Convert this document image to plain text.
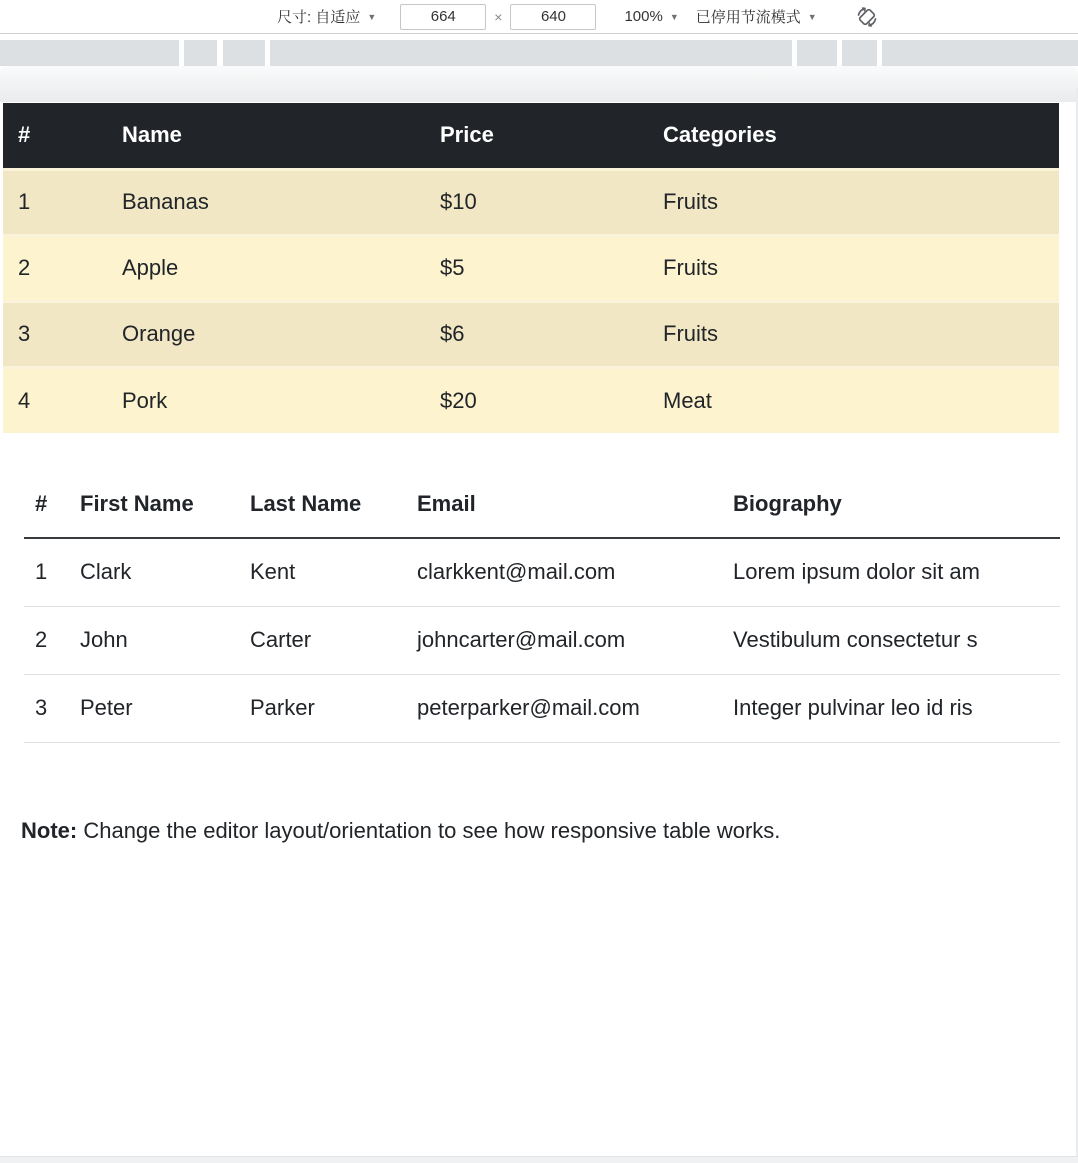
尺寸: 自适应 ▼
664	×
640	100% ▼ 已停用节流模式 ▼
#	Name	Price	Categories
1	Bananas	$10	Fruits
2	Apple	$5	Fruits
3	Orange	$6	Fruits
4	Pork	$20	Meat
#	First Name	Last Name	Email	Biography
1	Clark	Kent	clarkkent@mail.com	Lorem ipsum dolor sit am
2	John	Carter	johncarter@mail.com	Vestibulum consectetur s
3	Peter	Parker	peterparker@mail.com	Integer pulvinar leo id ris
Note: Change the editor layout/orientation to see how responsive table works.
